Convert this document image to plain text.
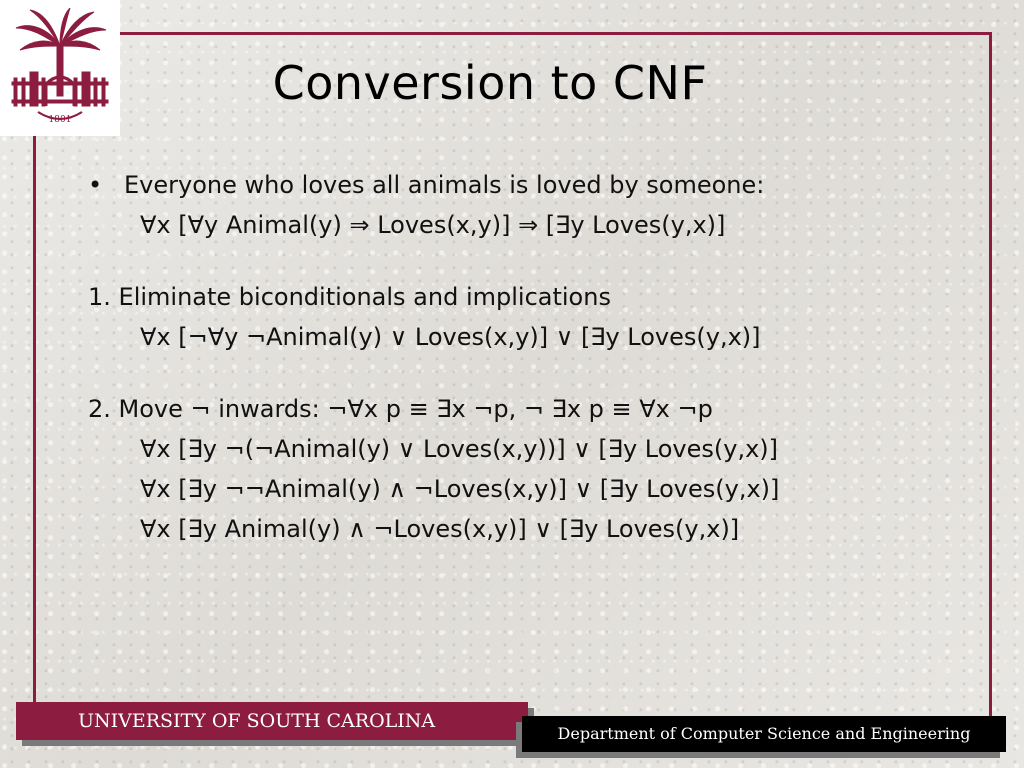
1801
Conversion to CNF
• Everyone who loves all animals is loved by someone:
∀x [∀y Animal(y) ⇒ Loves(x,y)] ⇒ [∃y Loves(y,x)]
1. Eliminate biconditionals and implications
∀x [¬∀y ¬Animal(y) ∨ Loves(x,y)] ∨ [∃y Loves(y,x)]
2. Move ¬ inwards: ¬∀x p ≡ ∃x ¬p, ¬ ∃x p ≡ ∀x ¬p
∀x [∃y ¬(¬Animal(y) ∨ Loves(x,y))] ∨ [∃y Loves(y,x)]
∀x [∃y ¬¬Animal(y) ∧ ¬Loves(x,y)] ∨ [∃y Loves(y,x)]
∀x [∃y Animal(y) ∧ ¬Loves(x,y)] ∨ [∃y Loves(y,x)]
UNIVERSITY OF SOUTH CAROLINA
Department of Computer Science and Engineering
